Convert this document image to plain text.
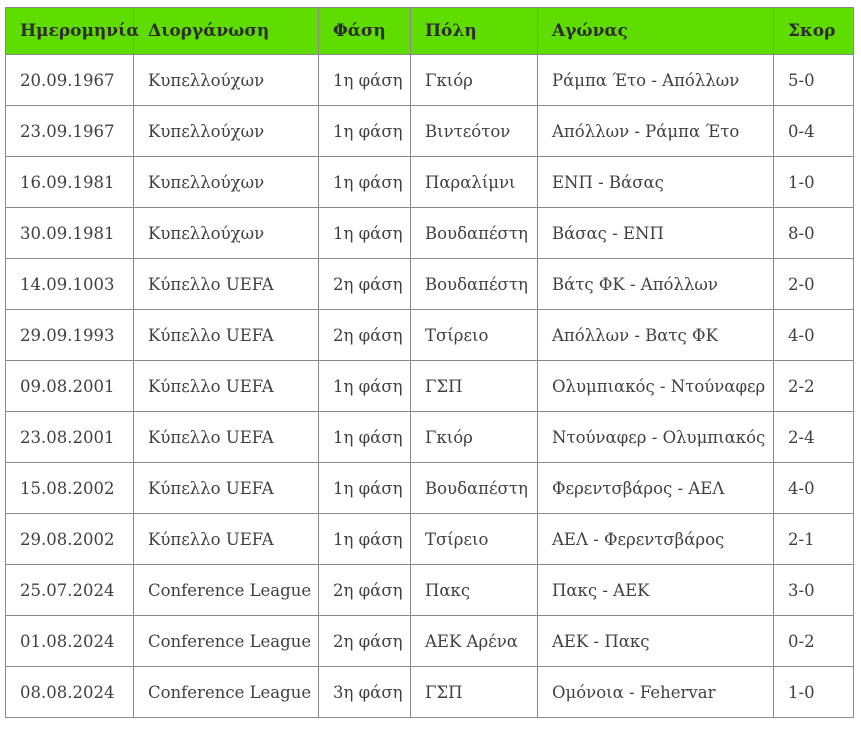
Ημερομηνία	Διοργάνωση	Φάση	Πόλη	Αγώνας	Σκορ
20.09.1967	Κυπελλούχων	1η φάση	Γκιόρ	Ράμπα Έτο - Απόλλων	5-0
23.09.1967	Κυπελλούχων	1η φάση	Βιντεότον	Απόλλων - Ράμπα Έτο	0-4
16.09.1981	Κυπελλούχων	1η φάση	Παραλίμνι	ΕΝΠ - Βάσας	1-0
30.09.1981	Κυπελλούχων	1η φάση	Βουδαπέστη	Βάσας - ΕΝΠ	8-0
14.09.1003	Κύπελλο UEFA	2η φάση	Βουδαπέστη	Βάτς ΦΚ - Απόλλων	2-0
29.09.1993	Κύπελλο UEFA	2η φάση	Τσίρειο	Απόλλων - Βατς ΦΚ	4-0
09.08.2001	Κύπελλο UEFA	1η φάση	ΓΣΠ	Ολυμπιακός - Ντούναφερ	2-2
23.08.2001	Κύπελλο UEFA	1η φάση	Γκιόρ	Ντούναφερ - Ολυμπιακός	2-4
15.08.2002	Κύπελλο UEFA	1η φάση	Βουδαπέστη	Φερεντσβάρος - ΑΕΛ	4-0
29.08.2002	Κύπελλο UEFA	1η φάση	Τσίρειο	ΑΕΛ - Φερεντσβάρος	2-1
25.07.2024	Conference League	2η φάση	Πακς	Πακς - ΑΕΚ	3-0
01.08.2024	Conference League	2η φάση	ΑΕΚ Αρένα	ΑΕΚ - Πακς	0-2
08.08.2024	Conference League	3η φάση	ΓΣΠ	Ομόνοια - Fehervar	1-0
